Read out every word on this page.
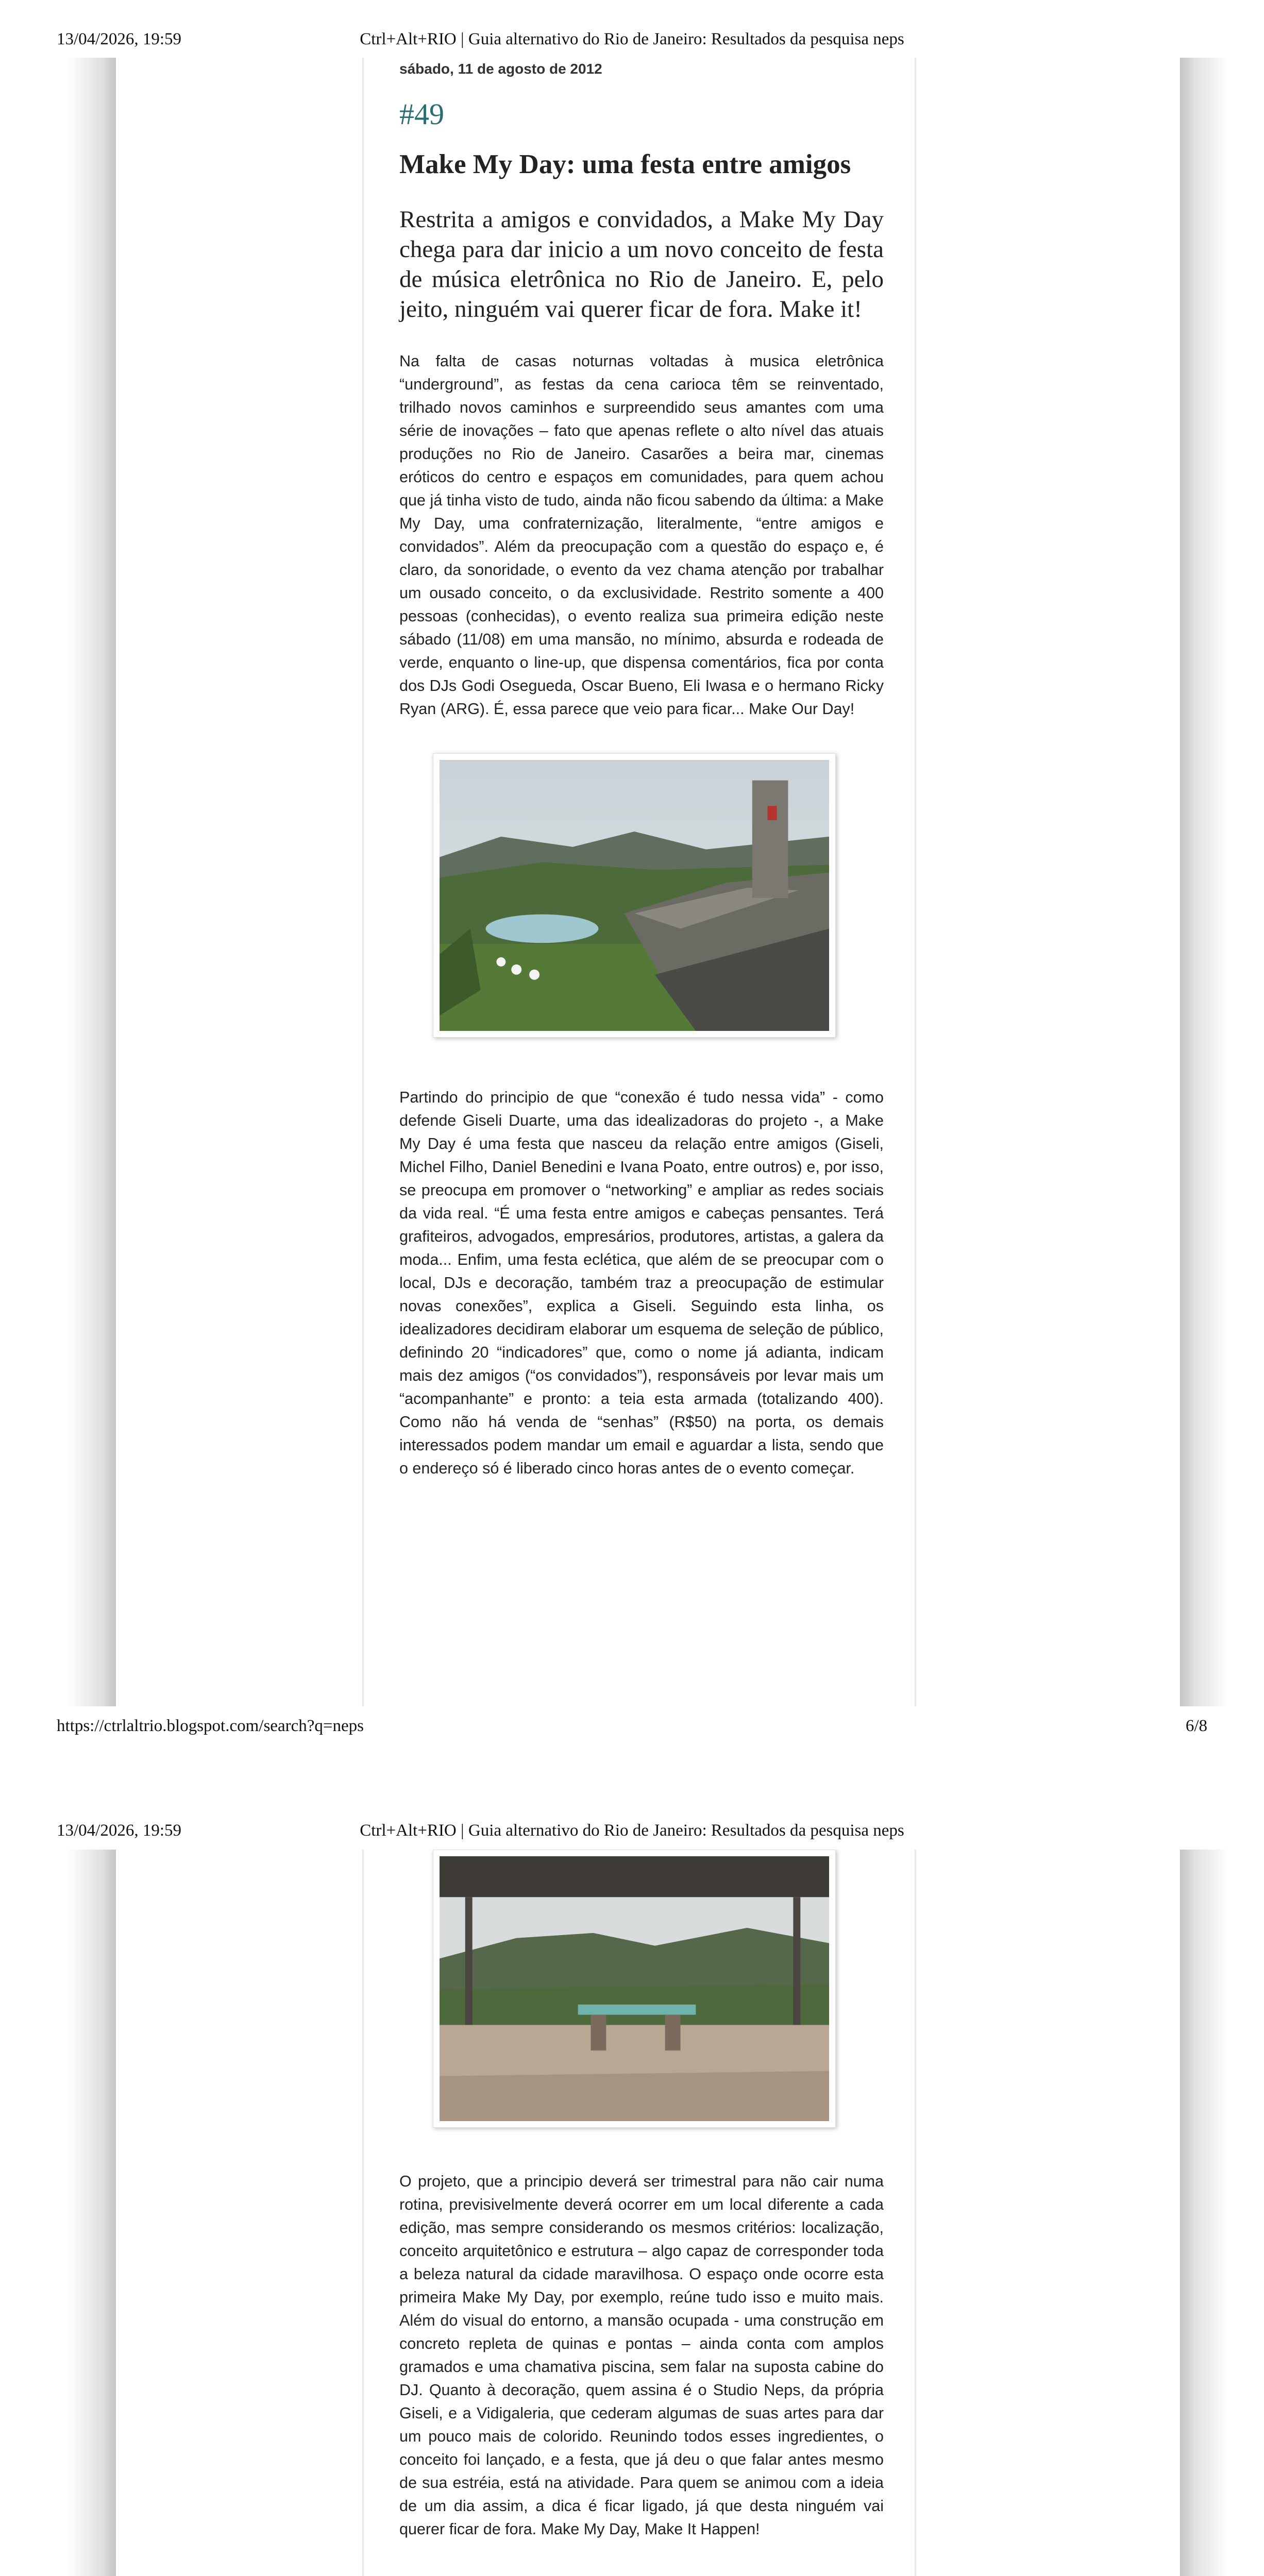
13/04/2026, 19:59	Ctrl+Alt+RIO | Guia alternativo do Rio de Janeiro: Resultados da pesquisa neps
sábado, 11 de agosto de 2012
#49
Make My Day: uma festa entre amigos
Restrita a amigos e convidados, a Make My Day chega para dar inicio a um novo conceito de festa de música eletrônica no Rio de Janeiro. E, pelo jeito, ninguém vai querer ficar de fora. Make it!
Na falta de casas noturnas voltadas à musica eletrônica “underground”, as festas da cena carioca têm se reinventado, trilhado novos caminhos e surpreendido seus amantes com uma série de inovações – fato que apenas reflete o alto nível das atuais produções no Rio de Janeiro. Casarões a beira mar, cinemas eróticos do centro e espaços em comunidades, para quem achou que já tinha visto de tudo, ainda não ficou sabendo da última: a Make My Day, uma confraternização, literalmente, “entre amigos e convidados”. Além da preocupação com a questão do espaço e, é claro, da sonoridade, o evento da vez chama atenção por trabalhar um ousado conceito, o da exclusividade. Restrito somente a 400 pessoas (conhecidas), o evento realiza sua primeira edição neste sábado (11/08) em uma mansão, no mínimo, absurda e rodeada de verde, enquanto o line-up, que dispensa comentários, fica por conta dos DJs Godi Osegueda, Oscar Bueno, Eli Iwasa e o hermano Ricky Ryan (ARG). É, essa parece que veio para ficar... Make Our Day!
Partindo do principio de que “conexão é tudo nessa vida” - como defende Giseli Duarte, uma das idealizadoras do projeto -, a Make My Day é uma festa que nasceu da relação entre amigos (Giseli, Michel Filho, Daniel Benedini e Ivana Poato, entre outros) e, por isso, se preocupa em promover o “networking” e ampliar as redes sociais da vida real. “É uma festa entre amigos e cabeças pensantes. Terá grafiteiros, advogados, empresários, produtores, artistas, a galera da moda... Enfim, uma festa eclética, que além de se preocupar com o local, DJs e decoração, também traz a preocupação de estimular novas conexões”, explica a Giseli. Seguindo esta linha, os idealizadores decidiram elaborar um esquema de seleção de público, definindo 20 “indicadores” que, como o nome já adianta, indicam mais dez amigos (“os convidados”), responsáveis por levar mais um “acompanhante” e pronto: a teia esta armada (totalizando 400). Como não há venda de “senhas” (R$50) na porta, os demais interessados podem mandar um email e aguardar a lista, sendo que o endereço só é liberado cinco horas antes de o evento começar.
https://ctrlaltrio.blogspot.com/search?q=neps	6/8
13/04/2026, 19:59	Ctrl+Alt+RIO | Guia alternativo do Rio de Janeiro: Resultados da pesquisa neps
O projeto, que a principio deverá ser trimestral para não cair numa rotina, previsivelmente deverá ocorrer em um local diferente a cada edição, mas sempre considerando os mesmos critérios: localização, conceito arquitetônico e estrutura – algo capaz de corresponder toda a beleza natural da cidade maravilhosa. O espaço onde ocorre esta primeira Make My Day, por exemplo, reúne tudo isso e muito mais. Além do visual do entorno, a mansão ocupada - uma construção em concreto repleta de quinas e pontas – ainda conta com amplos gramados e uma chamativa piscina, sem falar na suposta cabine do DJ. Quanto à decoração, quem assina é o Studio Neps, da própria Giseli, e a Vidigaleria, que cederam algumas de suas artes para dar um pouco mais de colorido. Reunindo todos esses ingredientes, o conceito foi lançado, e a festa, que já deu o que falar antes mesmo de sua estréia, está na atividade. Para quem se animou com a ideia de um dia assim, a dica é ficar ligado, já que desta ninguém vai querer ficar de fora. Make My Day, Make It Happen!
